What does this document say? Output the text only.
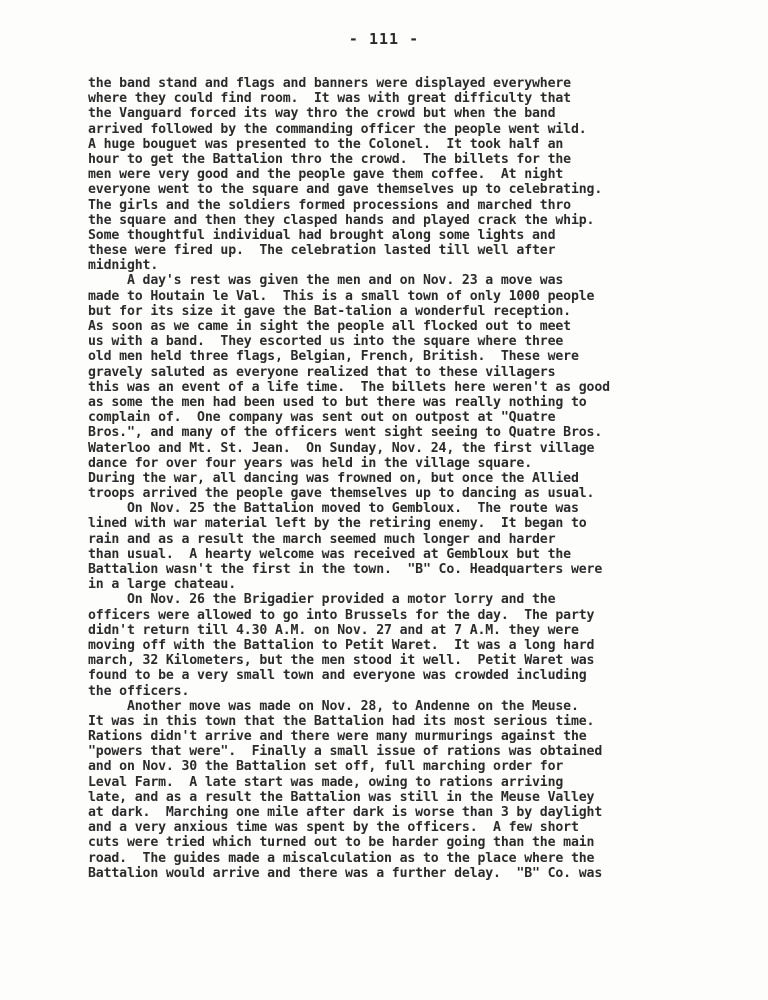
- 111 -
the band stand and flags and banners were displayed everywhere
where they could find room.  It was with great difficulty that
the Vanguard forced its way thro the crowd but when the band
arrived followed by the commanding officer the people went wild.
A huge bouguet was presented to the Colonel.  It took half an
hour to get the Battalion thro the crowd.  The billets for the
men were very good and the people gave them coffee.  At night
everyone went to the square and gave themselves up to celebrating.
The girls and the soldiers formed processions and marched thro
the square and then they clasped hands and played crack the whip.
Some thoughtful individual had brought along some lights and
these were fired up.  The celebration lasted till well after
midnight.
A day's rest was given the men and on Nov. 23 a move was
made to Houtain le Val.  This is a small town of only 1000 people
but for its size it gave the Bat-talion a wonderful reception.
As soon as we came in sight the people all flocked out to meet
us with a band.  They escorted us into the square where three
old men held three flags, Belgian, French, British.  These were
gravely saluted as everyone realized that to these villagers
this was an event of a life time.  The billets here weren't as good
as some the men had been used to but there was really nothing to
complain of.  One company was sent out on outpost at "Quatre
Bros.", and many of the officers went sight seeing to Quatre Bros.
Waterloo and Mt. St. Jean.  On Sunday, Nov. 24, the first village
dance for over four years was held in the village square.
During the war, all dancing was frowned on, but once the Allied
troops arrived the people gave themselves up to dancing as usual.
On Nov. 25 the Battalion moved to Gembloux.  The route was
lined with war material left by the retiring enemy.  It began to
rain and as a result the march seemed much longer and harder
than usual.  A hearty welcome was received at Gembloux but the
Battalion wasn't the first in the town.  "B" Co. Headquarters were
in a large chateau.
On Nov. 26 the Brigadier provided a motor lorry and the
officers were allowed to go into Brussels for the day.  The party
didn't return till 4.30 A.M. on Nov. 27 and at 7 A.M. they were
moving off with the Battalion to Petit Waret.  It was a long hard
march, 32 Kilometers, but the men stood it well.  Petit Waret was
found to be a very small town and everyone was crowded including
the officers.
Another move was made on Nov. 28, to Andenne on the Meuse.
It was in this town that the Battalion had its most serious time.
Rations didn't arrive and there were many murmurings against the
"powers that were".  Finally a small issue of rations was obtained
and on Nov. 30 the Battalion set off, full marching order for
Leval Farm.  A late start was made, owing to rations arriving
late, and as a result the Battalion was still in the Meuse Valley
at dark.  Marching one mile after dark is worse than 3 by daylight
and a very anxious time was spent by the officers.  A few short
cuts were tried which turned out to be harder going than the main
road.  The guides made a miscalculation as to the place where the
Battalion would arrive and there was a further delay.  "B" Co. was
